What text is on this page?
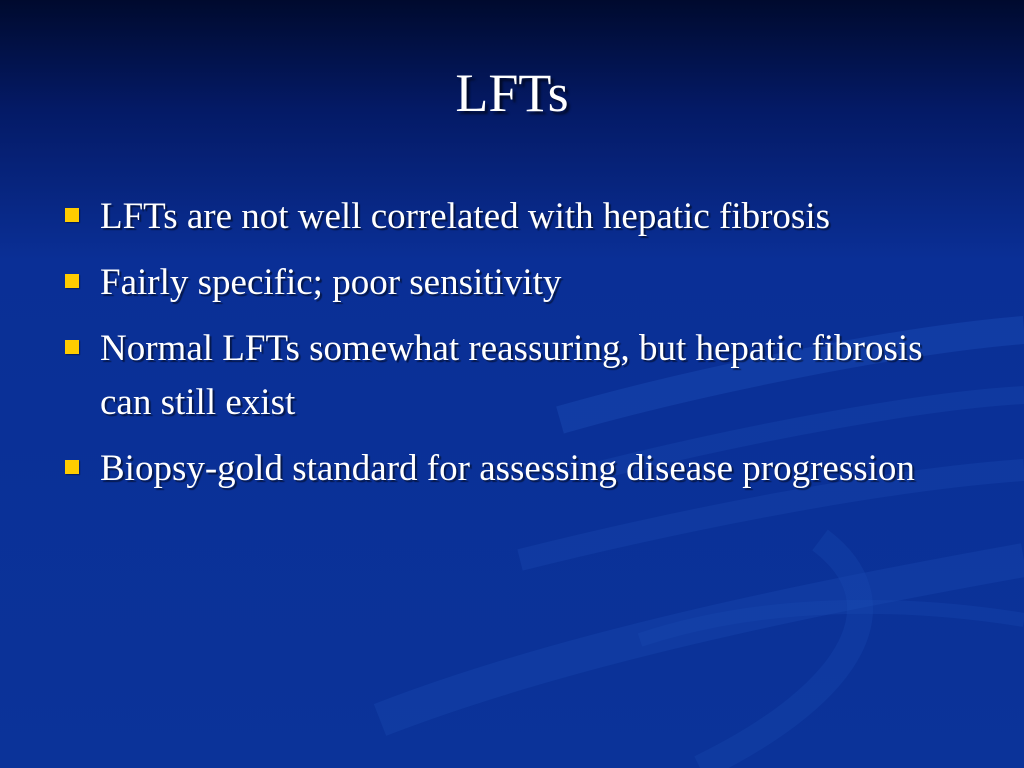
LFTs
LFTs are not well correlated with hepatic fibrosis
Fairly specific; poor sensitivity
Normal LFTs somewhat reassuring, but hepatic fibrosis can still exist
Biopsy-gold standard for assessing disease progression
